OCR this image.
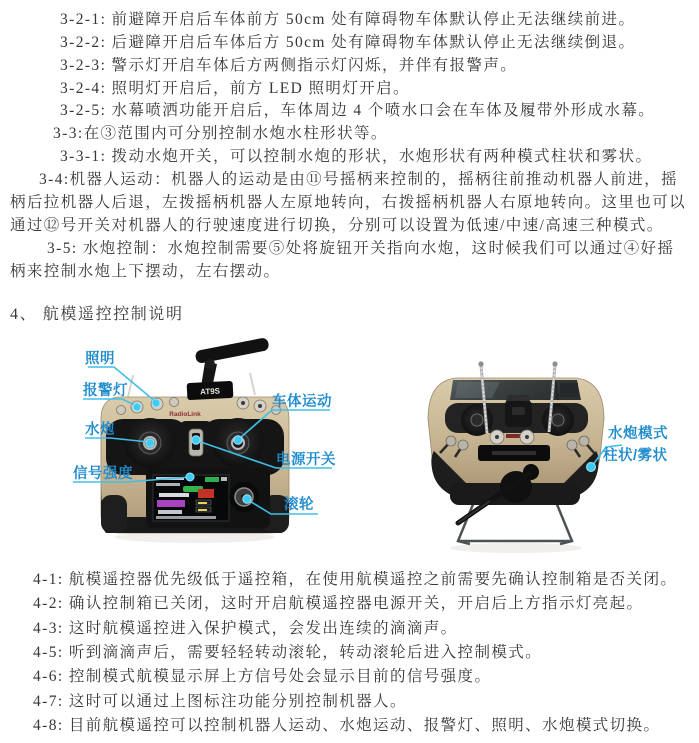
3-2-1: 前避障开启后车体前方 50cm 处有障碍物车体默认停止无法继续前进。
3-2-2: 后避障开启后车体后方 50cm 处有障碍物车体默认停止无法继续倒退。
3-2-3: 警示灯开启车体后方两侧指示灯闪烁，并伴有报警声。
3-2-4: 照明灯开启后，前方 LED 照明灯开启。
3-2-5: 水幕喷洒功能开启后，车体周边 4 个喷水口会在车体及履带外形成水幕。
3-3:在③范围内可分别控制水炮水柱形状等。
3-3-1: 拨动水炮开关，可以控制水炮的形状，水炮形状有两种模式柱状和雾状。
3-4:机器人运动：机器人的运动是由⑪号摇柄来控制的，摇柄往前推动机器人前进，摇
柄后拉机器人后退，左拨摇柄机器人左原地转向，右拨摇柄机器人右原地转向。这里也可以
通过⑫号开关对机器人的行驶速度进行切换，分别可以设置为低速/中速/高速三种模式。
3-5: 水炮控制：水炮控制需要⑤处将旋钮开关指向水炮，这时候我们可以通过④好摇
柄来控制水炮上下摆动，左右摆动。
4、 航模遥控控制说明
AT9S
RadioLink
照明
报警灯
水炮
信号强度
车体运动
电源开关
滚轮
水炮模式
柱状/雾状
4-1: 航模遥控器优先级低于遥控箱，在使用航模遥控之前需要先确认控制箱是否关闭。
4-2: 确认控制箱已关闭，这时开启航模遥控器电源开关，开启后上方指示灯亮起。
4-3: 这时航模遥控进入保护模式，会发出连续的滴滴声。
4-5: 听到滴滴声后，需要轻轻转动滚轮，转动滚轮后进入控制模式。
4-6: 控制模式航模显示屏上方信号处会显示目前的信号强度。
4-7: 这时可以通过上图标注功能分别控制机器人。
4-8: 目前航模遥控可以控制机器人运动、水炮运动、报警灯、照明、水炮模式切换。
